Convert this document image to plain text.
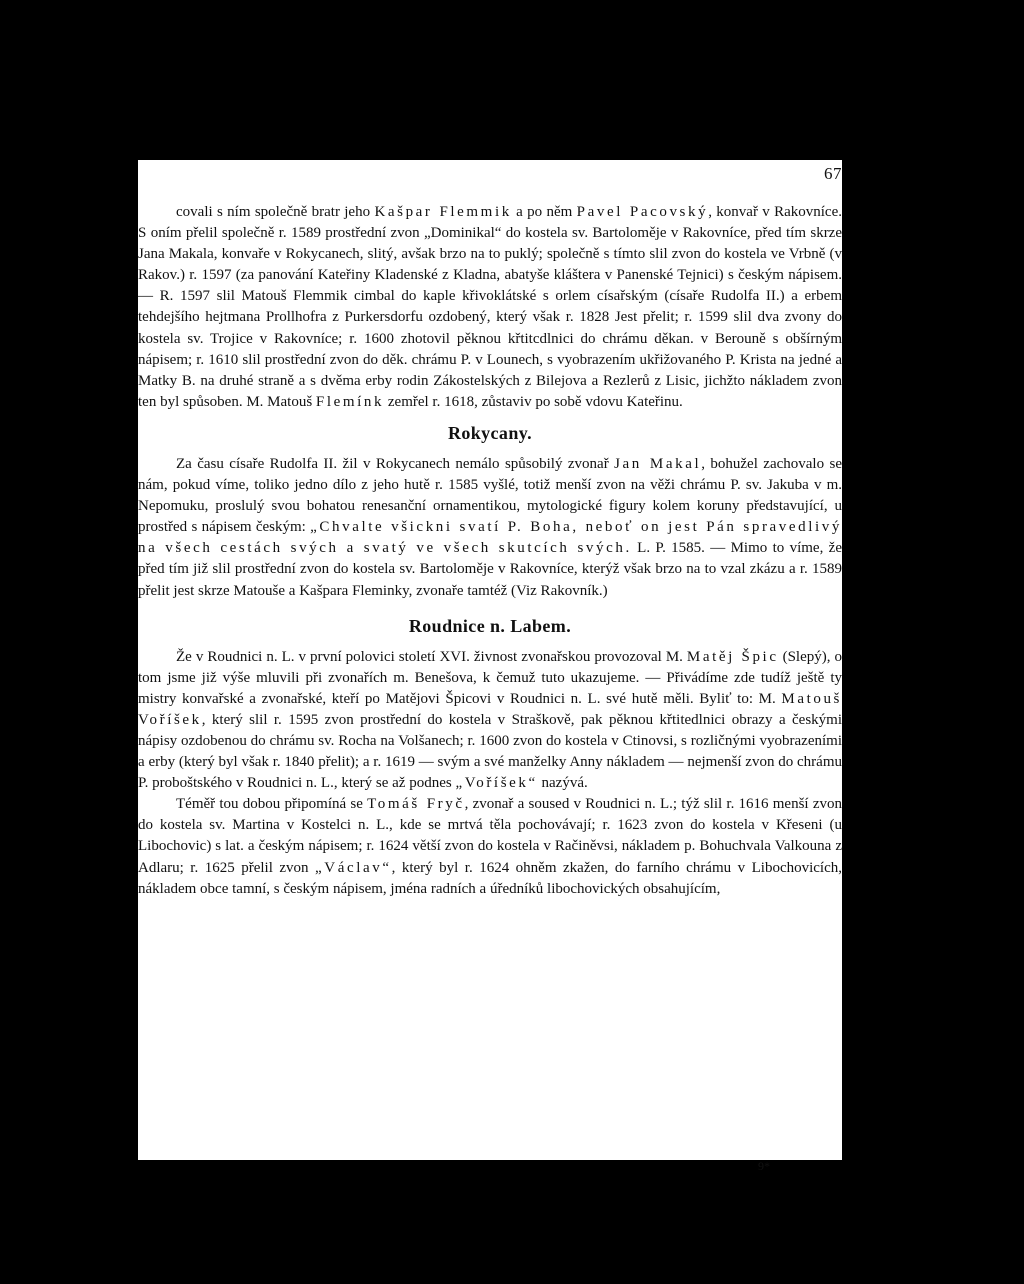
67

covali s ním společně bratr jeho Kašpar Flemmik a po něm Pavel Pacovský, konvař v Rakovníce. S oním přelil společně r. 1589 prostřední zvon „Dominikal“ do kostela sv. Bartoloměje v Rakovníce, před tím skrze Jana Makala, konvaře v Rokycanech, slitý, avšak brzo na to puklý; společně s tímto slil zvon do kostela ve Vrbně (v Rakov.) r. 1597 (za panování Kateřiny Kladenské z Kladna, abatyše kláštera v Panenské Tejnici) s českým nápisem. — R. 1597 slil Matouš Flemmik cimbal do kaple křivoklátské s orlem císařským (císaře Rudolfa II.) a erbem tehdejšího hejtmana Prollhofra z Purkersdorfu ozdobený, který však r. 1828 Jest přelit; r. 1599 slil dva zvony do kostela sv. Trojice v Rakovníce; r. 1600 zhotovil pěknou křtitcdlnici do chrámu děkan. v Berouně s obšírným nápisem; r. 1610 slil prostřední zvon do děk. chrámu P. v Lounech, s vyobrazením ukřižovaného P. Krista na jedné a Matky B. na druhé straně a s dvěma erby rodin Zákostelských z Bilejova a Rezlerů z Lisic, jichžto nákladem zvon ten byl spůsoben. M. Matouš Flemínk zemřel r. 1618, zůstaviv po sobě vdovu Kateřinu.

Rokycany.

Za času císaře Rudolfa II. žil v Rokycanech nemálo spůsobilý zvonař Jan Makal, bohužel zachovalo se nám, pokud víme, toliko jedno dílo z jeho hutě r. 1585 vyšlé, totiž menší zvon na věži chrámu P. sv. Jakuba v m. Nepomuku, proslulý svou bohatou renesanční ornamentikou, mytologické figury kolem koruny představující, u prostřed s nápisem českým: „Chvalte všickni svatí P. Boha, neboť on jest Pán spravedlivý na všech cestách svých a svatý ve všech skutcích svých. L. P. 1585. — Mimo to víme, že před tím již slil prostřední zvon do kostela sv. Bartoloměje v Rakovníce, kterýž však brzo na to vzal zkázu a r. 1589 přelit jest skrze Matouše a Kašpara Fleminky, zvonaře tamtéž (Viz Rakovník.)

Roudnice n. Labem.

Že v Roudnici n. L. v první polovici století XVI. živnost zvonařskou provozoval M. Matěj Špic (Slepý), o tom jsme již výše mluvili při zvonařích m. Benešova, k čemuž tuto ukazujeme. — Přivádíme zde tudíž ještě ty mistry konvařské a zvonařské, kteří po Matějovi Špicovi v Roudnici n. L. své hutě měli. Byliť to: M. Matouš Voříšek, který slil r. 1595 zvon prostřední do kostela v Straškově, pak pěknou křtitedlnici obrazy a českými nápisy ozdobenou do chrámu sv. Rocha na Volšanech; r. 1600 zvon do kostela v Ctinovsi, s rozličnými vyobrazeními a erby (který byl však r. 1840 přelit); a r. 1619 — svým a své manželky Anny nákladem — nejmenší zvon do chrámu P. proboštského v Roudnici n. L., který se až podnes „Voříšek“ nazývá.

Téměř tou dobou připomíná se Tomáš Fryč, zvonař a soused v Roudnici n. L.; týž slil r. 1616 menší zvon do kostela sv. Martina v Kostelci n. L., kde se mrtvá těla pochovávají; r. 1623 zvon do kostela v Křeseni (u Libochovic) s lat. a českým nápisem; r. 1624 větší zvon do kostela v Račiněvsi, nákladem p. Bohuchvala Valkouna z Adlaru; r. 1625 přelil zvon „Václav“, který byl r. 1624 ohněm zkažen, do farního chrámu v Libochovicích, nákladem obce tamní, s českým nápisem, jména radních a úředníků libochovických obsahujícím,

9*
